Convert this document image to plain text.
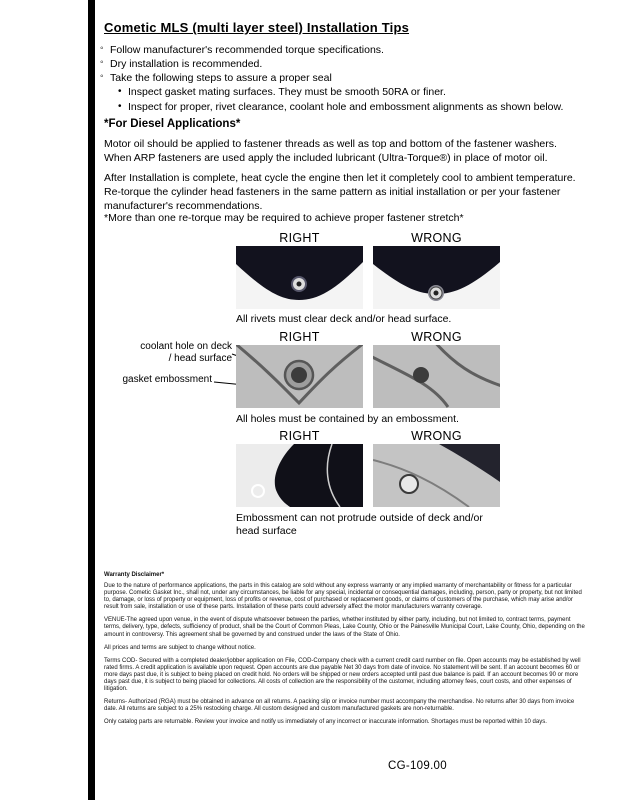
Cometic MLS (multi layer steel) Installation Tips
◦ Follow manufacturer's recommended torque specifications.
◦ Dry installation is recommended.
◦ Take the following steps to assure a proper seal
• Inspect gasket mating surfaces. They must be smooth 50RA or finer.
• Inspect for proper, rivet clearance, coolant hole and embossment alignments as shown below.
*For Diesel Applications*
Motor oil should be applied to fastener threads as well as top and bottom of the fastener washers. When ARP fasteners are used apply the included lubricant (Ultra-Torque®) in place of motor oil.
After Installation is complete, heat cycle the engine then let it completely cool to ambient temperature. Re-torque the cylinder head fasteners in the same pattern as initial installation or per your fastener manufacturer's recommendations.
*More than one re-torque may be required to achieve proper fastener stretch*
RIGHT	WRONG
All rivets must clear deck and/or head surface.
RIGHT	WRONG
coolant hole on deck / head surface
gasket embossment
All holes must be contained by an embossment.
RIGHT	WRONG
Embossment can not protrude outside of deck and/or head surface
Warranty Disclaimer*

Due to the nature of performance applications, the parts in this catalog are sold without any express warranty or any implied warranty of merchantability or fitness for a particular purpose. Cometic Gasket Inc., shall not, under any circumstances, be liable for any special, incidental or consequential damages, including, person, party or property, but not limited to, damage, or loss of property or equipment, loss of profits or revenue, cost of purchased or replacement goods, or claims of customers of the purchase, which may arise and/or result from sale, installation or use of these parts. Installation of these parts could adversely affect the motor manufacturers warranty coverage.

VENUE-The agreed upon venue, in the event of dispute whatsoever between the parties, whether instituted by either party, including, but not limited to, contract terms, payment terms, delivery, type, defects, sufficiency of product, shall be the Court of Common Pleas, Lake County, Ohio or the Painesville Municipal Court, Lake County, Ohio, depending on the amount in controversy. This agreement shall be governed by and construed under the laws of the State of Ohio.

All prices and terms are subject to change without notice.

Terms COD- Secured with a completed dealer/jobber application on File, COD-Company check with a current credit card number on file. Open accounts may be established by well rated firms. A credit application is available upon request. Open accounts are due payable Net 30 days from date of invoice. No statement will be sent. If an account becomes 60 or more days past due, it is subject to being placed on credit hold. No orders will be shipped or new orders accepted until past due balance is paid. If an account becomes 90 or more days past due, it is subject to being placed for collections. All costs of collection are the responsibility of the customer, including attorney fees, court costs, and other expenses of litigation.

Returns- Authorized (RGA) must be obtained in advance on all returns. A packing slip or invoice number must accompany the merchandise. No returns after 30 days from invoice date. All returns are subject to a 25% restocking charge. All custom designed and custom manufactured gaskets are non-returnable.

Only catalog parts are returnable. Review your invoice and notify us immediately of any incorrect or inaccurate information. Shortages must be reported within 10 days.

CG-109.00
